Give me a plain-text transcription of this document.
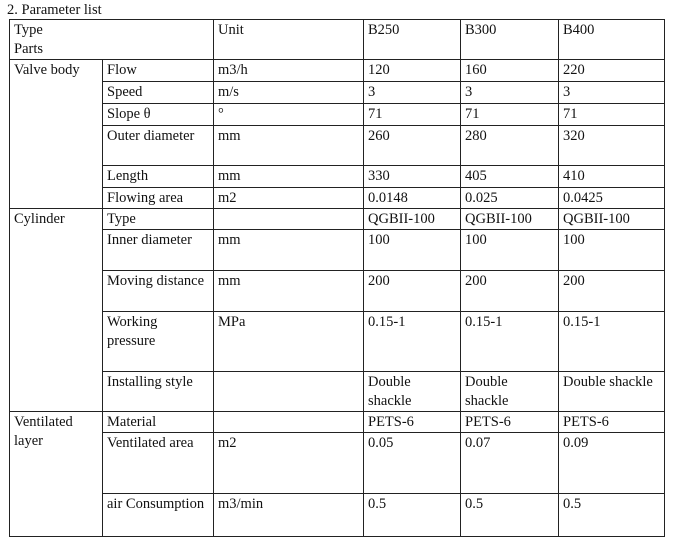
2. Parameter list
Type
Parts		Unit	B250	B300	B400
Valve body	Flow	m3/h	120	160	220
	Speed	m/s	3	3	3
	Slope θ	°	71	71	71
	Outer diameter	mm	260	280	320
	Length	mm	330	405	410
	Flowing area	m2	0.0148	0.025	0.0425
Cylinder	Type		QGBII-100	QGBII-100	QGBII-100
	Inner diameter	mm	100	100	100
	Moving distance	mm	200	200	200
	Working pressure	MPa	0.15-1	0.15-1	0.15-1
	Installing style		Double shackle	Double shackle	Double shackle
Ventilated layer	Material		PETS-6	PETS-6	PETS-6
	Ventilated area	m2	0.05	0.07	0.09
	air Consumption	m3/min	0.5	0.5	0.5
